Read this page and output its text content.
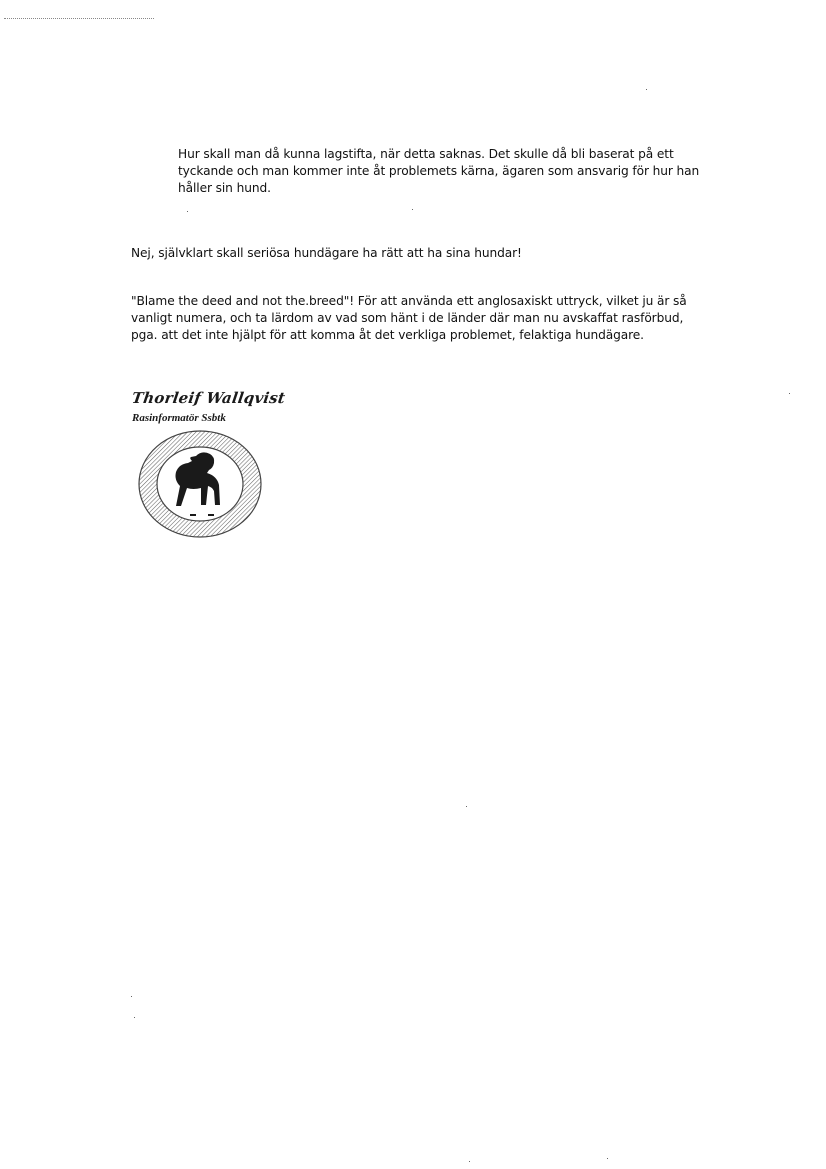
Hur skall man då kunna lagstifta, när detta saknas. Det skulle då bli baserat på ett tyckande och man kommer inte åt problemets kärna, ägaren som ansvarig för hur han håller sin hund.

Nej, självklart skall seriösa hundägare ha rätt att ha sina hundar!

"Blame the deed and not the.breed"! För att använda ett anglosaxiskt uttryck, vilket ju är så vanligt numera, och ta lärdom av vad som hänt i de länder där man nu avskaffat rasförbud, pga. att det inte hjälpt för att komma åt det verkliga problemet, felaktiga hundägare.

Thorleif Wallqvist
Rasinformatör Ssbtk
